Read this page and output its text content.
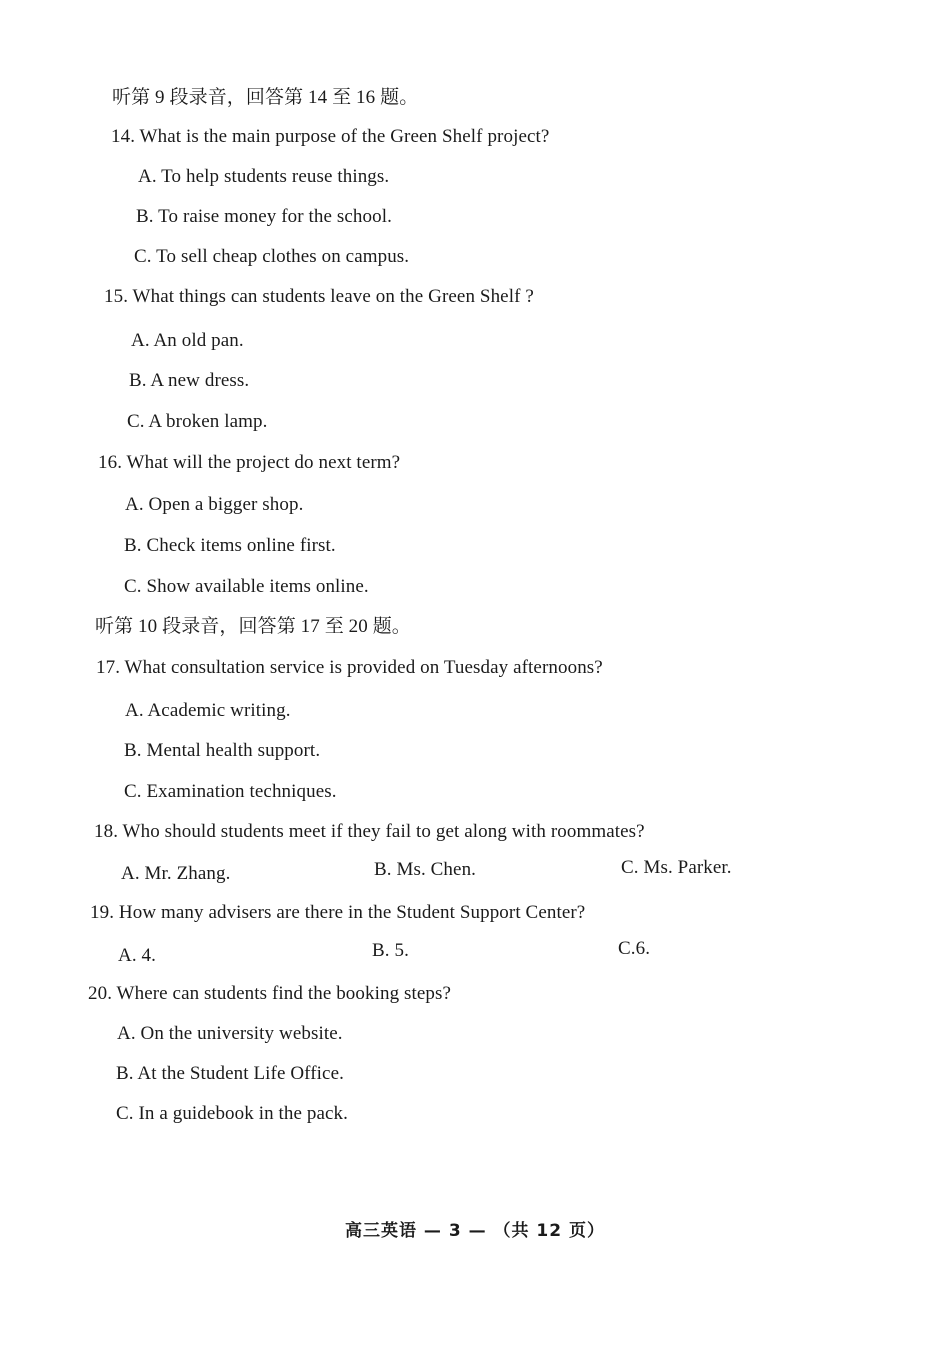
听第 9 段录音，回答第 14 至 16 题。
14. What is the main purpose of the Green Shelf project?
A. To help students reuse things.
B. To raise money for the school.
C. To sell cheap clothes on campus.
15. What things can students leave on the Green Shelf ?
A. An old pan.
B. A new dress.
C. A broken lamp.
16. What will the project do next term?
A. Open a bigger shop.
B. Check items online first.
C. Show available items online.
听第 10 段录音，回答第 17 至 20 题。
17. What consultation service is provided on Tuesday afternoons?
A. Academic writing.
B. Mental health support.
C. Examination techniques.
18. Who should students meet if they fail to get along with roommates?
A. Mr. Zhang.	B. Ms. Chen.	C. Ms. Parker.
19. How many advisers are there in the Student Support Center?
A. 4.	B. 5.	C.6.
20. Where can students find the booking steps?
A. On the university website.
B. At the Student Life Office.
C. In a guidebook in the pack.
高三英语 — 3 — （共 12 页）
